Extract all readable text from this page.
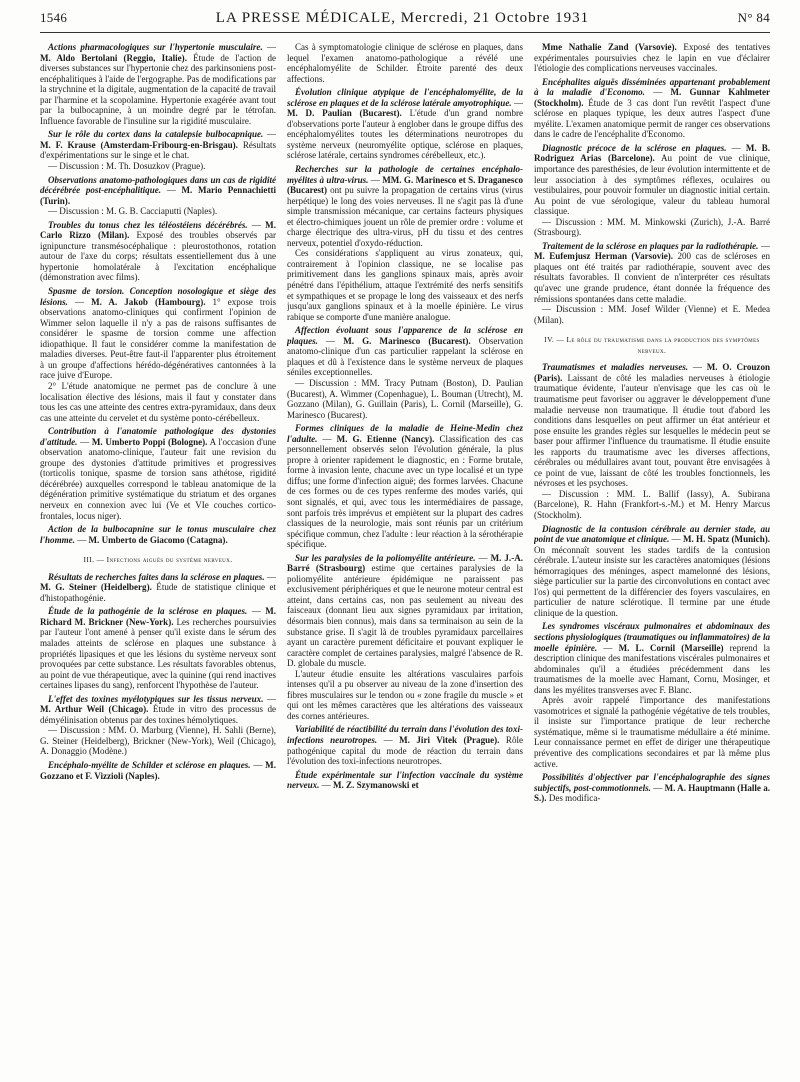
1546	LA PRESSE MÉDICALE, Mercredi, 21 Octobre 1931	N° 84

Actions pharmacologiques sur l'hypertonie musculaire. — M. Aldo Bertolani (Reggio, Italie). Étude de l'action de diverses substances sur l'hypertonie chez des parkinsoniens post-encéphalitiques à l'aide de l'ergographe. Pas de modifications par la strychnine et la digitale, augmentation de la capacité de travail par l'harmine et la scopolamine. Hypertonie exagérée avant tout par la bulbocapnine, à un moindre degré par le tétrofan. Influence favorable de l'insuline sur la rigidité musculaire.

Sur le rôle du cortex dans la catalepsie bulbocapnique. — M. F. Krause (Amsterdam-Fribourg-en-Brisgau). Résultats d'expérimentations sur le singe et le chat.

— Discussion : M. Th. Dosuzkov (Prague).

Observations anatomo-pathologiques dans un cas de rigidité décérébrée post-encéphalitique. — M. Mario Pennachietti (Turin).

— Discussion : M. G. B. Cacciaputti (Naples).

Troubles du tonus chez les téléostéiens décérébrés. — M. Carlo Rizzo (Milan). Exposé des troubles observés par ignipuncture transmésocéphalique : pleurostothonos, rotation autour de l'axe du corps; résultats essentiellement dus à une hypertonie homolatérale à l'excitation encéphalique (démonstration avec films).

Spasme de torsion. Conception nosologique et siège des lésions. — M. A. Jakob (Hambourg). 1° expose trois observations anatomo-cliniques qui confirment l'opinion de Wimmer selon laquelle il n'y a pas de raisons suffisantes de considérer le spasme de torsion comme une affection idiopathique. Il faut le considérer comme la manifestation de maladies diverses. Peut-être faut-il l'apparenter plus étroitement à un groupe d'affections hérédo-dégénératives cantonnées à la race juive d'Europe.

2° L'étude anatomique ne permet pas de conclure à une localisation élective des lésions, mais il faut y constater dans tous les cas une atteinte des centres extra-pyramidaux, dans deux cas une atteinte du cervelet et du système ponto-cérébelleux.

Contribution à l'anatomie pathologique des dystonies d'attitude. — M. Umberto Poppi (Bologne). A l'occasion d'une observation anatomo-clinique, l'auteur fait une revision du groupe des dystonies d'attitude primitives et progressives (torticolis tonique, spasme de torsion sans athétose, rigidité décérébrée) auxquelles correspond le tableau anatomique de la dégénération primitive systématique du striatum et des organes nerveux en connexion avec lui (Ve et VIe couches cortico-frontales, locus niger).

Action de la bulbocapnine sur le tonus musculaire chez l'homme. — M. Umberto de Giacomo (Catagna).

III. — Infections aiguës du système nerveux.

Résultats de recherches faites dans la sclérose en plaques. — M. G. Steiner (Heidelberg). Étude de statistique clinique et d'histopathogénie.

Étude de la pathogénie de la sclérose en plaques. — M. Richard M. Brickner (New-York). Les recherches poursuivies par l'auteur l'ont amené à penser qu'il existe dans le sérum des malades atteints de sclérose en plaques une substance à propriétés lipasiques et que les lésions du système nerveux sont provoquées par cette substance. Les résultats favorables obtenus, au point de vue thérapeutique, avec la quinine (qui rend inactives certaines lipases du sang), renforcent l'hypothèse de l'auteur.

L'effet des toxines myélotypiques sur les tissus nerveux. — M. Arthur Weil (Chicago). Étude in vitro des processus de démyélinisation obtenus par des toxines hémolytiques.

— Discussion : MM. O. Marburg (Vienne), H. Sahli (Berne), G. Steiner (Heidelberg), Brickner (New-York), Weil (Chicago), A. Donaggio (Modène.)

Encéphalo-myélite de Schilder et sclérose en plaques. — M. Gozzano et F. Vizzioli (Naples).

Cas à symptomatologie clinique de sclérose en plaques, dans lequel l'examen anatomo-pathologique a révélé une encéphalomyélite de Schilder. Étroite parenté des deux affections.

Évolution clinique atypique de l'encéphalomyélite, de la sclérose en plaques et de la sclérose latérale amyotrophique. — M. D. Paulian (Bucarest). L'étude d'un grand nombre d'observations porte l'auteur à englober dans le groupe diffus des encéphalomyélites toutes les déterminations neurotropes du système nerveux (neuromyélite optique, sclérose en plaques, sclérose latérale, certains syndromes cérébelleux, etc.).

Recherches sur la pathologie de certaines encéphalo-myélites à ultra-virus. — MM. G. Marinesco et S. Draganesco (Bucarest) ont pu suivre la propagation de certains virus (virus herpétique) le long des voies nerveuses. Il ne s'agit pas là d'une simple transmission mécanique, car certains facteurs physiques et électro-chimiques jouent un rôle de premier ordre : volume et charge électrique des ultra-virus, pH du tissu et des centres nerveux, potentiel d'oxydo-réduction.

Ces considérations s'appliquent au virus zonateux, qui, contrairement à l'opinion classique, ne se localise pas primitivement dans les ganglions spinaux mais, après avoir pénétré dans l'épithélium, attaque l'extrémité des nerfs sensitifs et sympathiques et se propage le long des vaisseaux et des nerfs jusqu'aux ganglions spinaux et à la moelle épinière. Le virus rabique se comporte d'une manière analogue.

Affection évoluant sous l'apparence de la sclérose en plaques. — M. G. Marinesco (Bucarest). Observation anatomo-clinique d'un cas particulier rappelant la sclérose en plaques et dû à l'existence dans le système nerveux de plaques séniles exceptionnelles.

— Discussion : MM. Tracy Putnam (Boston), D. Paulian (Bucarest), A. Wimmer (Copenhague), L. Bouman (Utrecht), M. Gozzano (Milan), G. Guillain (Paris), L. Cornil (Marseille), G. Marinesco (Bucarest).

Formes cliniques de la maladie de Heine-Medin chez l'adulte. — M. G. Etienne (Nancy). Classification des cas personnellement observés selon l'évolution générale, la plus propre à orienter rapidement le diagnostic, en : Forme brutale, forme à invasion lente, chacune avec un type localisé et un type diffus; une forme d'infection aiguë; des formes larvées. Chacune de ces formes ou de ces types renferme des modes variés, qui sont signalés, et qui, avec tous les intermédiaires de passage, sont parfois très imprévus et empiètent sur la plupart des cadres classiques de la neurologie, mais sont réunis par un critérium spécifique commun, chez l'adulte : leur réaction à la sérothérapie spécifique.

Sur les paralysies de la poliomyélite antérieure. — M. J.-A. Barré (Strasbourg) estime que certaines paralysies de la poliomyélite antérieure épidémique ne paraissent pas exclusivement périphériques et que le neurone moteur central est atteint, dans certains cas, non pas seulement au niveau des faisceaux (donnant lieu aux signes pyramidaux par irritation, désormais bien connus), mais dans sa terminaison au sein de la substance grise. Il s'agit là de troubles pyramidaux parcellaires ayant un caractère purement déficitaire et pouvant expliquer le caractère complet de certaines paralysies, malgré l'absence de R. D. globale du muscle.

L'auteur étudie ensuite les altérations vasculaires parfois intenses qu'il a pu observer au niveau de la zone d'insertion des fibres musculaires sur le tendon ou « zone fragile du muscle » et qui ont les mêmes caractères que les altérations des vaisseaux des cornes antérieures.

Variabilité de réactibilité du terrain dans l'évolution des toxi-infections neurotropes. — M. Jiri Vitek (Prague). Rôle pathogénique capital du mode de réaction du terrain dans l'évolution des toxi-infections neurotropes.

Étude expérimentale sur l'infection vaccinale du système nerveux. — M. Z. Szymanowski et

Mme Nathalie Zand (Varsovie). Exposé des tentatives expérimentales poursuivies chez le lapin en vue d'éclairer l'étiologie des complications nerveuses vaccinales.

Encéphalites aiguës disséminées appartenant probablement à la maladie d'Economo. — M. Gunnar Kahlmeter (Stockholm). Étude de 3 cas dont l'un revêtit l'aspect d'une sclérose en plaques typique, les deux autres l'aspect d'une myélite. L'examen anatomique permit de ranger ces observations dans le cadre de l'encéphalite d'Economo.

Diagnostic précoce de la sclérose en plaques. — M. B. Rodriguez Arias (Barcelone). Au point de vue clinique, importance des paresthésies, de leur évolution intermittente et de leur association à des symptômes réflexes, oculaires ou vestibulaires, pour pouvoir formuler un diagnostic initial certain. Au point de vue sérologique, valeur du tableau humoral classique.

— Discussion : MM. M. Minkowski (Zurich), J.-A. Barré (Strasbourg).

Traitement de la sclérose en plaques par la radiothérapie. — M. Eufemjusz Herman (Varsovie). 200 cas de scléroses en plaques ont été traités par radiothérapie, souvent avec des résultats favorables. Il convient de n'interpréter ces résultats qu'avec une grande prudence, étant donnée la fréquence des rémissions spontanées dans cette maladie.

— Discussion : MM. Josef Wilder (Vienne) et E. Medea (Milan).

IV. — Le rôle du traumatisme dans la production des symptômes nerveux.

Traumatismes et maladies nerveuses. — M. O. Crouzon (Paris). Laissant de côté les maladies nerveuses à étiologie traumatique évidente, l'auteur n'envisage que les cas où le traumatisme peut favoriser ou aggraver le développement d'une maladie nerveuse non traumatique. Il étudie tout d'abord les conditions dans lesquelles on peut affirmer un état antérieur et pose ensuite les grandes règles sur lesquelles le médecin peut se baser pour affirmer l'influence du traumatisme. Il étudie ensuite les rapports du traumatisme avec les diverses affections, cérébrales ou médullaires avant tout, pouvant être envisagées à ce point de vue, laissant de côté les troubles fonctionnels, les névroses et les psychoses.

— Discussion : MM. L. Ballif (Iassy), A. Subirana (Barcelone), R. Hahn (Frankfort-s.-M.) et M. Henry Marcus (Stockholm).

Diagnostic de la contusion cérébrale au dernier stade, au point de vue anatomique et clinique. — M. H. Spatz (Munich). On méconnaît souvent les stades tardifs de la contusion cérébrale. L'auteur insiste sur les caractères anatomiques (lésions hémorragiques des méninges, aspect mamelonné des lésions, siège particulier sur la partie des circonvolutions en contact avec l'os) qui permettent de la différencier des foyers vasculaires, en particulier de nature sclérotique. Il termine par une étude clinique de la question.

Les syndromes viscéraux pulmonaires et abdominaux des sections physiologiques (traumatiques ou inflammatoires) de la moelle épinière. — M. L. Cornil (Marseille) reprend la description clinique des manifestations viscérales pulmonaires et abdominales qu'il a étudiées précédemment dans les traumatismes de la moelle avec Hamant, Cornu, Mosinger, et dans les myélites transverses avec F. Blanc.

Après avoir rappelé l'importance des manifestations vasomotrices et signalé la pathogénie végétative de tels troubles, il insiste sur l'importance pratique de leur recherche systématique, même si le traumatisme médullaire a été minime. Leur connaissance permet en effet de diriger une thérapeutique préventive des complications secondaires et par là même plus active.

Possibilités d'objectiver par l'encéphalographie des signes subjectifs, post-commotionnels. — M. A. Hauptmann (Halle a. S.). Des modifica-
